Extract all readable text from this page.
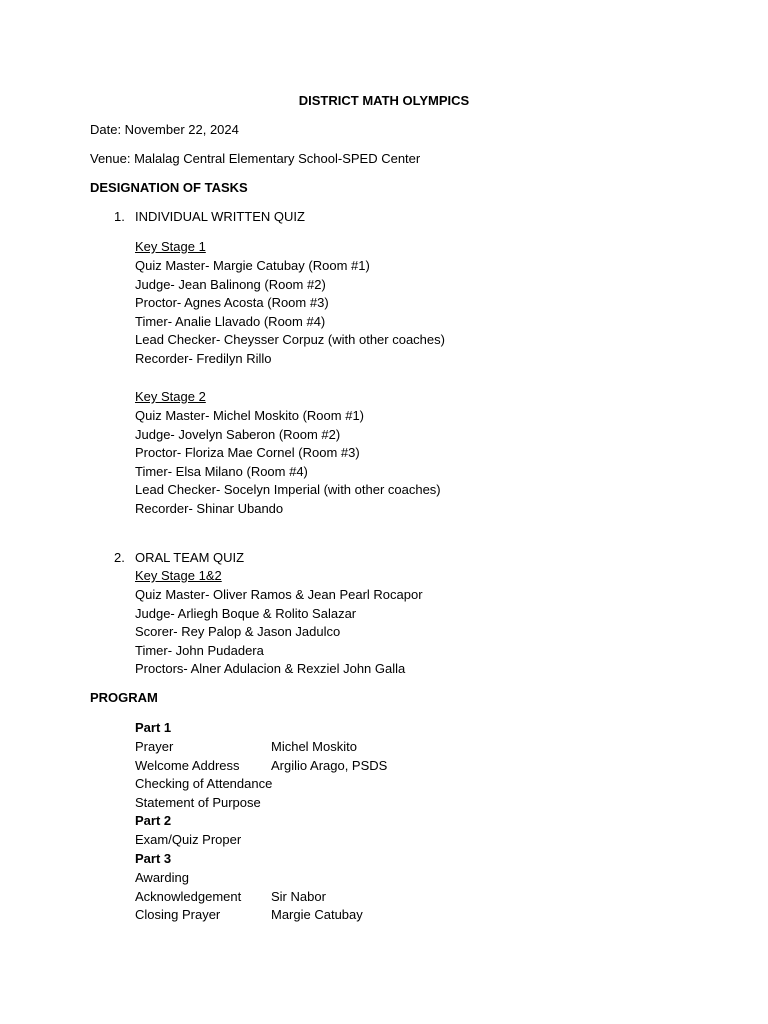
DISTRICT MATH OLYMPICS
Date: November 22, 2024
Venue: Malalag Central Elementary School-SPED Center
DESIGNATION OF TASKS
1. INDIVIDUAL WRITTEN QUIZ
Key Stage 1
Quiz Master- Margie Catubay (Room #1)
Judge- Jean Balinong (Room #2)
Proctor- Agnes Acosta (Room #3)
Timer- Analie Llavado (Room #4)
Lead Checker- Cheysser Corpuz (with other coaches)
Recorder- Fredilyn Rillo
Key Stage 2
Quiz Master- Michel Moskito (Room #1)
Judge- Jovelyn Saberon (Room #2)
Proctor- Floriza Mae Cornel (Room #3)
Timer- Elsa Milano (Room #4)
Lead Checker- Socelyn Imperial (with other coaches)
Recorder- Shinar Ubando
2. ORAL TEAM QUIZ
Key Stage 1&2
Quiz Master- Oliver Ramos & Jean Pearl Rocapor
Judge- Arliegh Boque & Rolito Salazar
Scorer- Rey Palop & Jason Jadulco
Timer- John Pudadera
Proctors- Alner Adulacion & Rexziel John Galla
PROGRAM
Part 1
Prayer	Michel Moskito
Welcome Address Argilio Arago, PSDS
Checking of Attendance
Statement of Purpose
Part 2
Exam/Quiz Proper
Part 3
Awarding
Acknowledgement Sir Nabor
Closing Prayer	Margie Catubay
